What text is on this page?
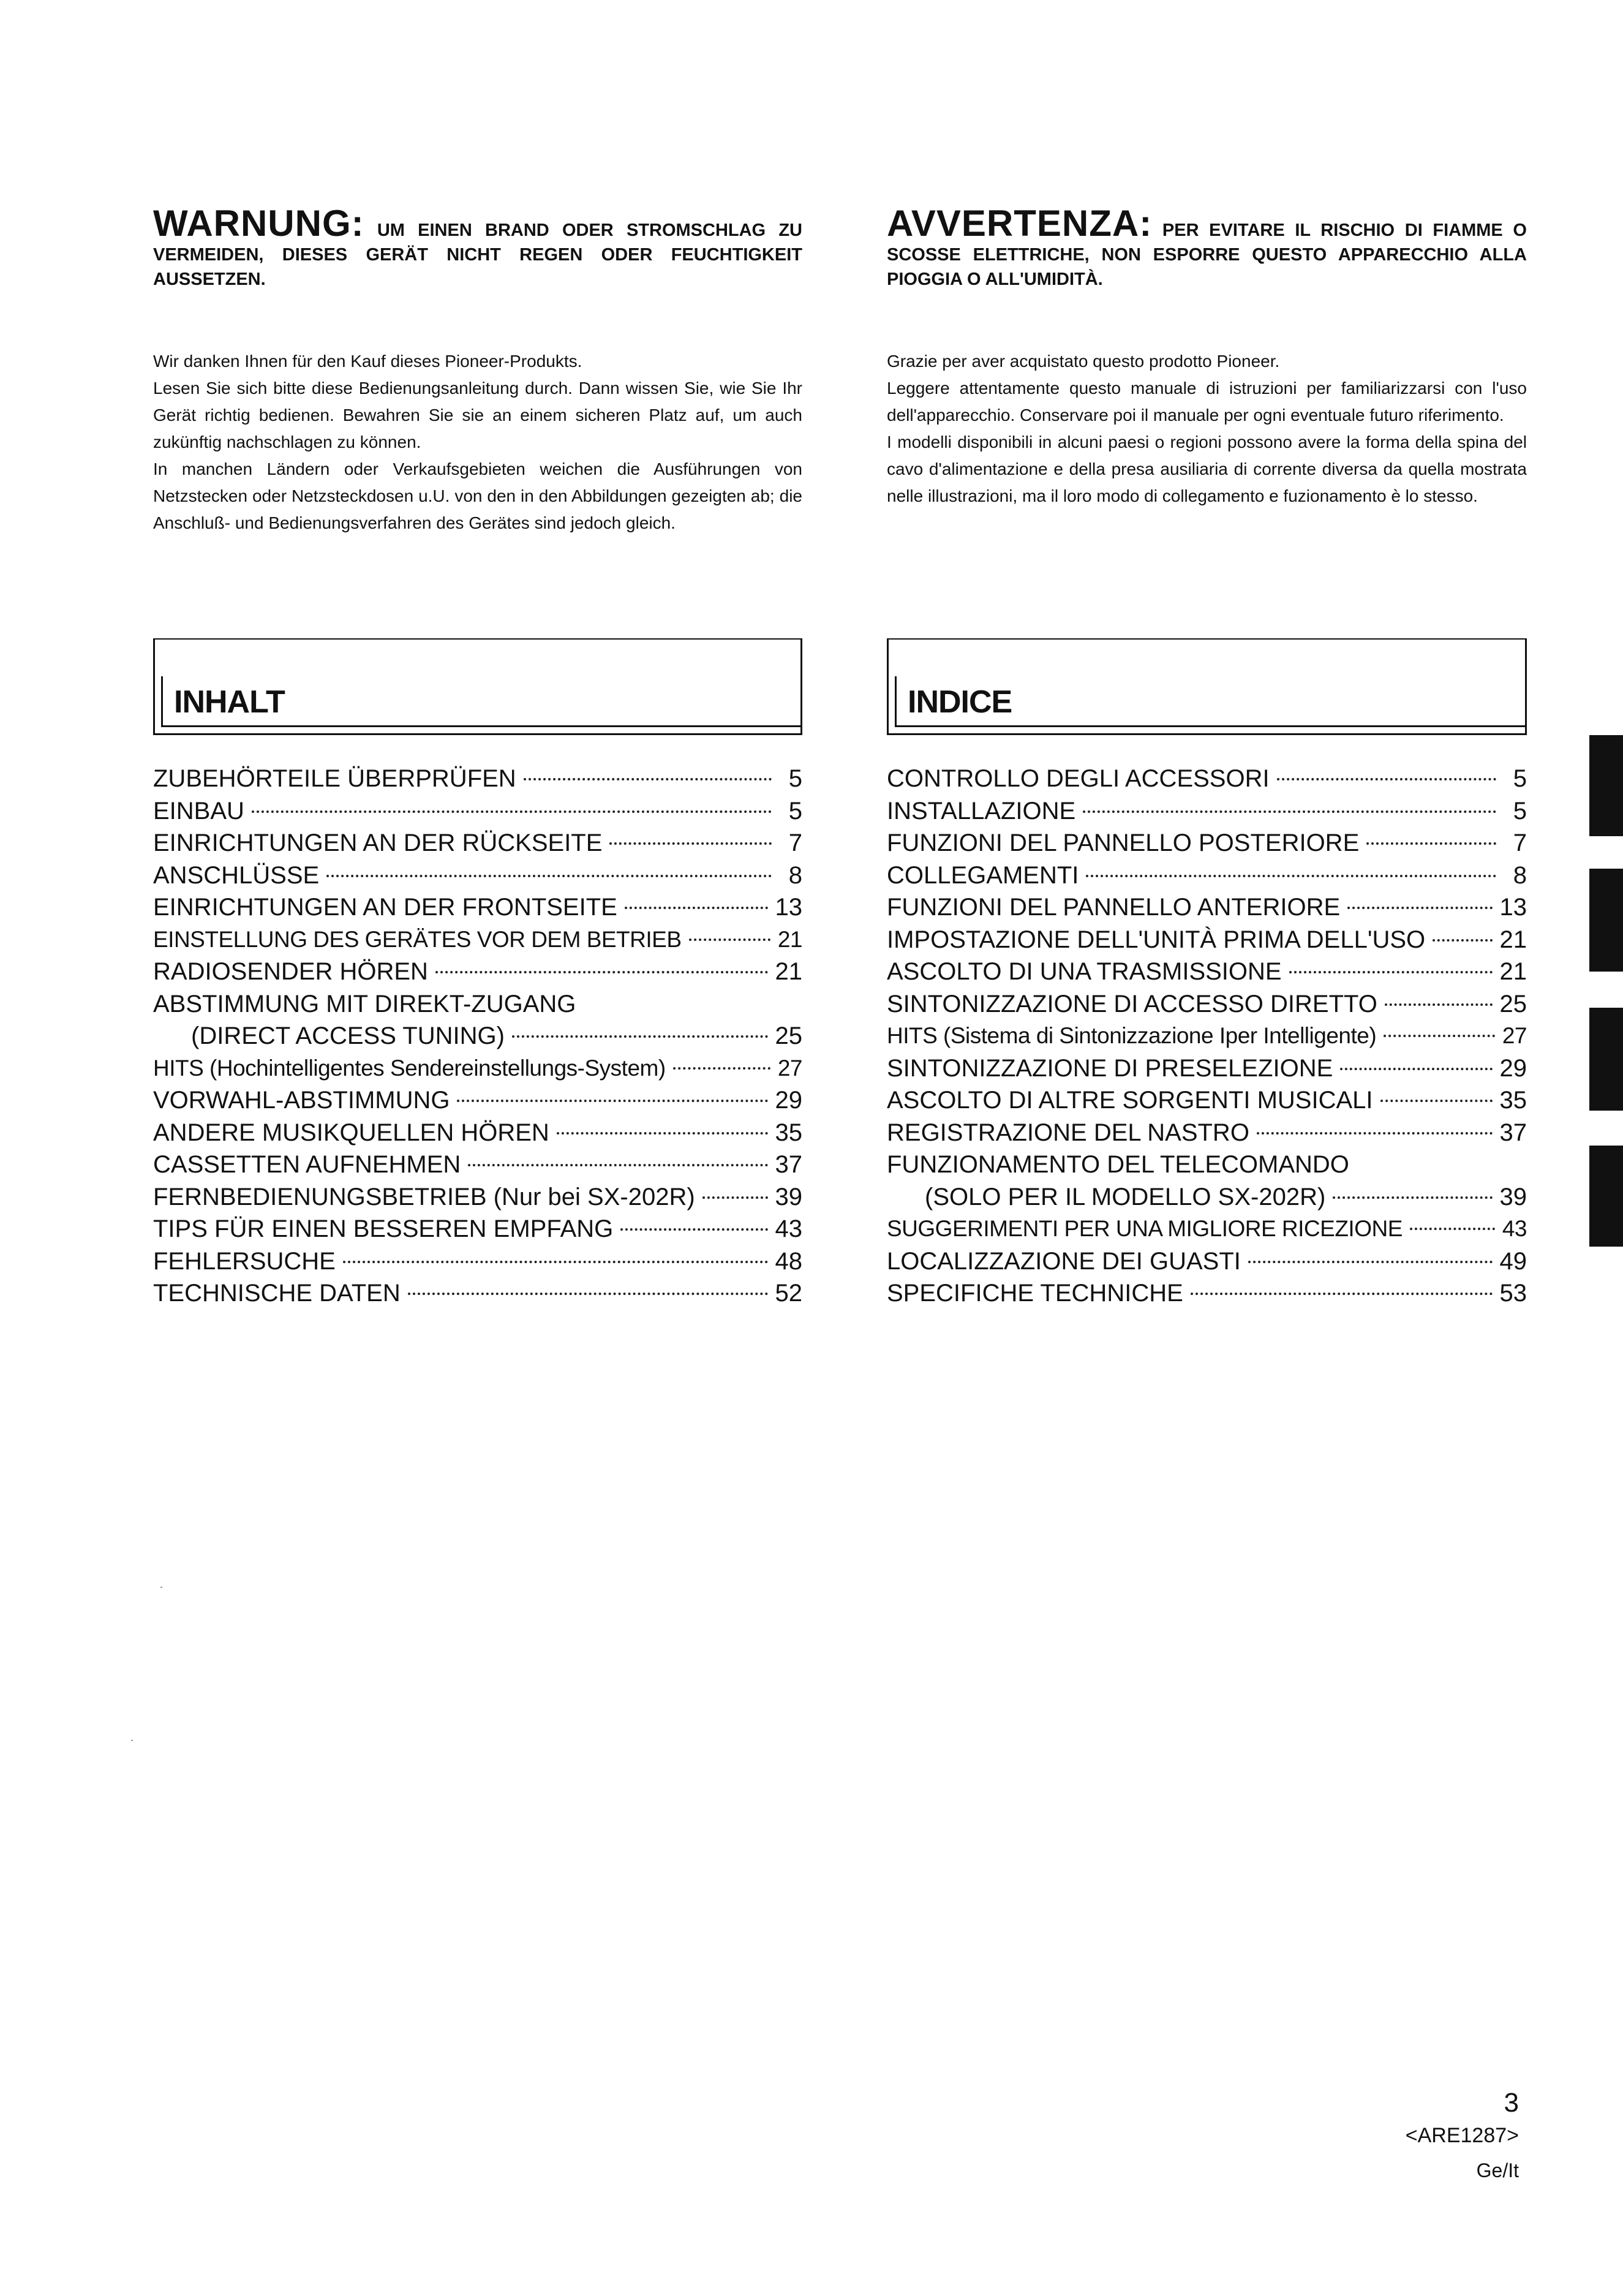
WARNUNG: UM EINEN BRAND ODER STROMSCHLAG ZU VERMEIDEN, DIESES GERÄT NICHT REGEN ODER FEUCHTIGKEIT AUSSETZEN.

Wir danken Ihnen für den Kauf dieses Pioneer-Produkts.

Lesen Sie sich bitte diese Bedienungsanleitung durch. Dann wissen Sie, wie Sie Ihr Gerät richtig bedienen. Bewahren Sie sie an einem sicheren Platz auf, um auch zukünftig nachschlagen zu können.

In manchen Ländern oder Verkaufsgebieten weichen die Ausführungen von Netzstecken oder Netzsteckdosen u.U. von den in den Abbildungen gezeigten ab; die Anschluß- und Bedienungsverfahren des Gerätes sind jedoch gleich.

INHALT
ZUBEHÖRTEILE ÜBERPRÜFEN	5
EINBAU	5
EINRICHTUNGEN AN DER RÜCKSEITE	7
ANSCHLÜSSE	8
EINRICHTUNGEN AN DER FRONTSEITE	13
EINSTELLUNG DES GERÄTES VOR DEM BETRIEB	21
RADIOSENDER HÖREN	21
ABSTIMMUNG MIT DIREKT-ZUGANG
(DIRECT ACCESS TUNING)	25
HITS (Hochintelligentes Sendereinstellungs-System)	27
VORWAHL-ABSTIMMUNG	29
ANDERE MUSIKQUELLEN HÖREN	35
CASSETTEN AUFNEHMEN	37
FERNBEDIENUNGSBETRIEB (Nur bei SX-202R)	39
TIPS FÜR EINEN BESSEREN EMPFANG	43
FEHLERSUCHE	48
TECHNISCHE DATEN	52
AVVERTENZA: PER EVITARE IL RISCHIO DI FIAMME O SCOSSE ELETTRICHE, NON ESPORRE QUESTO APPARECCHIO ALLA PIOGGIA O ALL'UMIDITÀ.

Grazie per aver acquistato questo prodotto Pioneer.

Leggere attentamente questo manuale di istruzioni per familiarizzarsi con l'uso dell'apparecchio. Conservare poi il manuale per ogni eventuale futuro riferimento.

I modelli disponibili in alcuni paesi o regioni possono avere la forma della spina del cavo d'alimentazione e della presa ausiliaria di corrente diversa da quella mostrata nelle illustrazioni, ma il loro modo di collegamento e fuzionamento è lo stesso.

INDICE
CONTROLLO DEGLI ACCESSORI	5
INSTALLAZIONE	5
FUNZIONI DEL PANNELLO POSTERIORE	7
COLLEGAMENTI	8
FUNZIONI DEL PANNELLO ANTERIORE	13
IMPOSTAZIONE DELL'UNITÀ PRIMA DELL'USO	21
ASCOLTO DI UNA TRASMISSIONE	21
SINTONIZZAZIONE DI ACCESSO DIRETTO	25
HITS (Sistema di Sintonizzazione Iper Intelligente)	27
SINTONIZZAZIONE DI PRESELEZIONE	29
ASCOLTO DI ALTRE SORGENTI MUSICALI	35
REGISTRAZIONE DEL NASTRO	37
FUNZIONAMENTO DEL TELECOMANDO
(SOLO PER IL MODELLO SX-202R)	39
SUGGERIMENTI PER UNA MIGLIORE RICEZIONE	43
LOCALIZZAZIONE DEI GUASTI	49
SPECIFICHE TECHNICHE	53
3
<ARE1287>
Ge/It
